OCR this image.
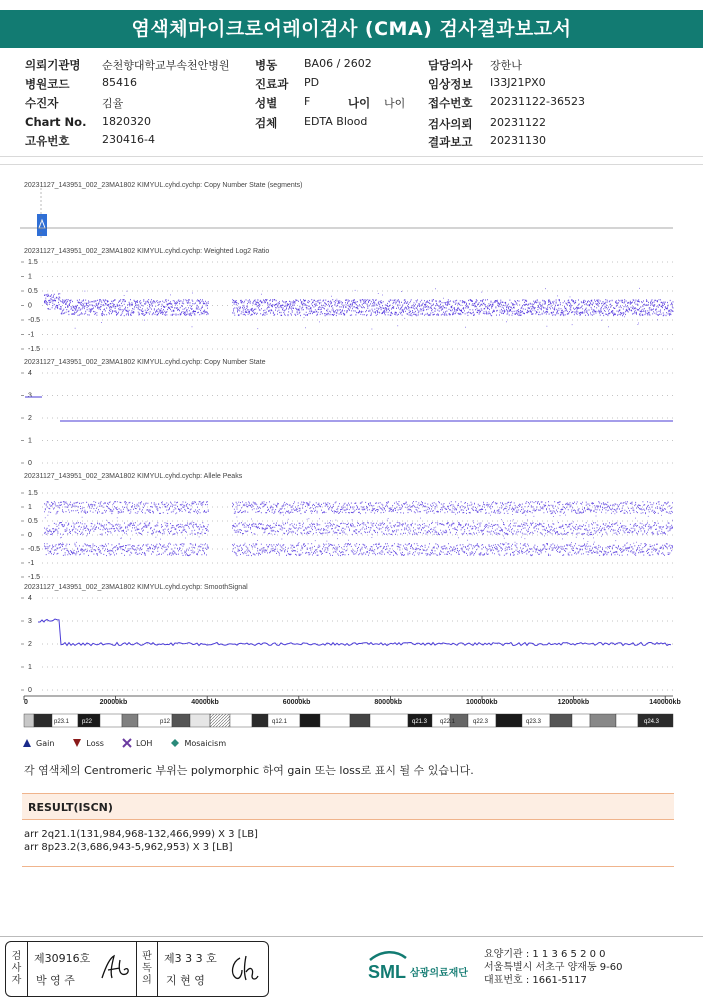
염색체마이크로어레이검사 (CMA) 검사결과보고서
의뢰기관명 순천향대학교부속천안병원
병원코드	85416
수진자	김율
Chart No. 1820320
고유번호	230416-4
병동 BA06 / 2602
진료과 PD
성별 F	나이 나이
검체 EDTA Blood
담당의사 장한나
임상정보 I33J21PX0
접수번호 20231122-36523
검사의뢰 20231122
결과보고 20231130
20231127_143951_002_23MA1802 KIMYUL.cyhd.cychp: Copy Number State (segments)
20231127_143951_002_23MA1802 KIMYUL.cyhd.cychp: Weighted Log2 Ratio
1.5
1
0.5
0
-0.5
-1
-1.5
20231127_143951_002_23MA1802 KIMYUL.cyhd.cychp: Copy Number State
4
3
2
1
0
20231127_143951_002_23MA1802 KIMYUL.cyhd.cychp: Allele Peaks
1.5
1
0.5
0
-0.5
-1
-1.5
20231127_143951_002_23MA1802 KIMYUL.cyhd.cychp: SmoothSignal
4
3
2
1
0
0	20000kb	40000kb	60000kb	80000kb	100000kb	120000kb	140000kb
p23.1 p22	p12	q12.1	q21.3 q22.1	q22.3	q23.3	q24.3
Gain	Loss	LOH	Mosaicism
각 염색체의 Centromeric 부위는 polymorphic 하여 gain 또는 loss로 표시 될 수 있습니다.
RESULT(ISCN)
arr 2q21.1(131,984,968-132,466,999) X 3 [LB]
arr 8p23.2(3,686,943-5,962,953) X 3 [LB]
검
사
자
제30916호
박 영 주
판
독
의
제3 3 3 호
지 현 영	SML 삼광의료재단
요양기관 : 1 1 3 6 5 2 0 0
서울특별시 서초구 양재동 9-60
대표번호 : 1661-5117
